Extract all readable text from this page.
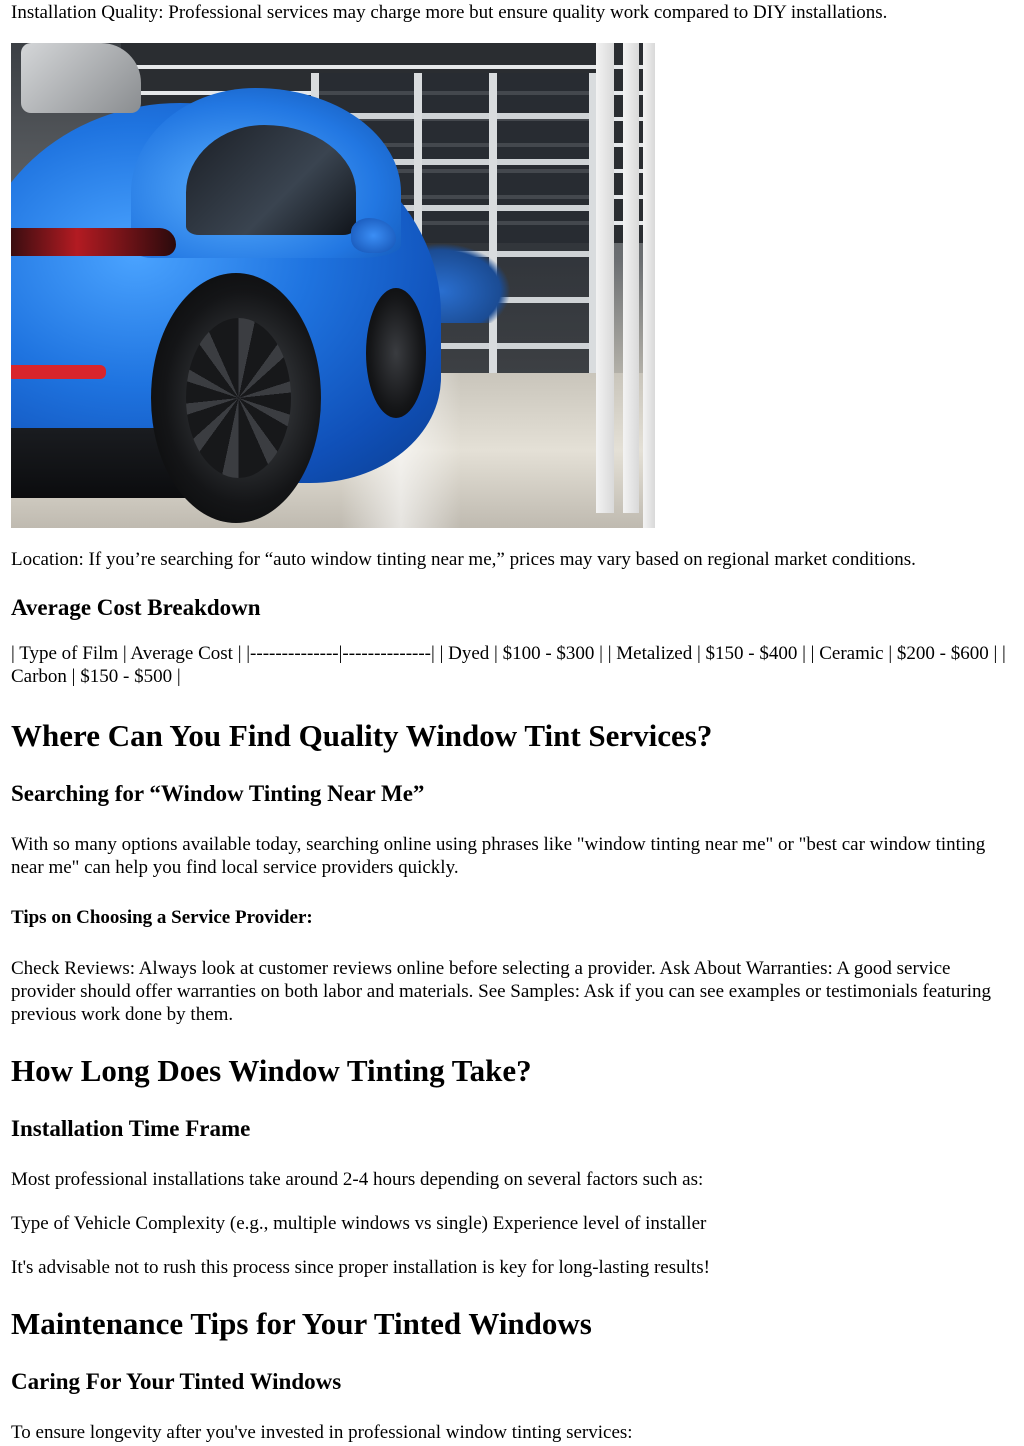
Installation Quality: Professional services may charge more but ensure quality work compared to DIY installations.

Location: If you’re searching for “auto window tinting near me,” prices may vary based on regional market conditions.

Average Cost Breakdown

| Type of Film | Average Cost | |--------------|--------------| | Dyed | $100 - $300 | | Metalized | $150 - $400 | | Ceramic | $200 - $600 | | Carbon | $150 - $500 |

Where Can You Find Quality Window Tint Services?
Searching for “Window Tinting Near Me”

With so many options available today, searching online using phrases like "window tinting near me" or "best car window tinting near me" can help you find local service providers quickly.

Tips on Choosing a Service Provider:

Check Reviews: Always look at customer reviews online before selecting a provider. Ask About Warranties: A good service provider should offer warranties on both labor and materials. See Samples: Ask if you can see examples or testimonials featuring previous work done by them.

How Long Does Window Tinting Take?
Installation Time Frame

Most professional installations take around 2-4 hours depending on several factors such as:

Type of Vehicle Complexity (e.g., multiple windows vs single) Experience level of installer

It's advisable not to rush this process since proper installation is key for long-lasting results!

Maintenance Tips for Your Tinted Windows
Caring For Your Tinted Windows

To ensure longevity after you've invested in professional window tinting services:
